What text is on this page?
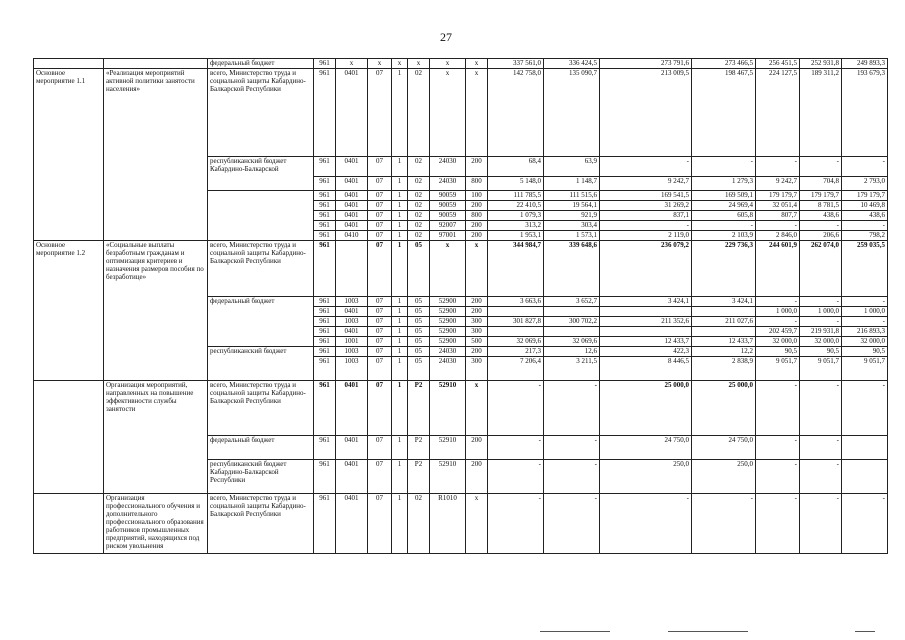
27
		федеральный бюджет	961	x	x	x	x	x	x	337 561,0	336 424,5	273 791,6	273 466,5	256 451,5	252 931,8	249 893,3
Основное мероприятие 1.1	«Реализация мероприятий активной политики занятости населения»	всего, Министерство труда и социальной защиты Кабардино-Балкарской Республики	961	0401	07	1	02	x	x	142 758,0	135 090,7	213 009,5	198 467,5	224 127,5	189 311,2	193 679,3
		республиканский бюджет Кабардино-Балкарской	961	0401	07	1	02	24030	200	68,4	63,9	-	-	-	-	-
			961	0401	07	1	02	24030	800	5 148,0	1 148,7	9 242,7	1 279,3	9 242,7	704,8	2 793,0
			961	0401	07	1	02	90059	100	111 785,5	111 515,6	169 541,5	169 509,1	179 179,7	179 179,7	179 179,7
			961	0401	07	1	02	90059	200	22 410,5	19 564,1	31 269,2	24 969,4	32 051,4	8 781,5	10 469,8
			961	0401	07	1	02	90059	800	1 079,3	921,9	837,1	605,8	807,7	438,6	438,6
			961	0401	07	1	02	92007	200	313,2	303,4	-	-	-	-	-
			961	0410	07	1	02	97001	200	1 953,1	1 573,1	2 119,0	2 103,9	2 846,0	206,6	798,2
Основное мероприятие 1.2	«Социальные выплаты безработным гражданам и оптимизация критериев и назначения размеров пособия по безработице»	всего, Министерство труда и социальной защиты Кабардино-Балкарской Республики	961		07	1	05	x	x	344 984,7	339 648,6	236 079,2	229 736,3	244 601,9	262 074,0	259 035,5
		федеральный бюджет	961	1003	07	1	05	52900	200	3 663,6	3 652,7	3 424,1	3 424,1	-	-	-
			961	0401	07	1	05	52900	200					1 000,0	1 000,0	1 000,0
			961	1003	07	1	05	52900	300	301 827,8	300 702,2	211 352,6	211 027,6	-	-	-
			961	0401	07	1	05	52900	300					202 459,7	219 931,8	216 893,3
			961	1001	07	1	05	52900	500	32 069,6	32 069,6	12 433,7	12 433,7	32 000,0	32 000,0	32 000,0
		республиканский бюджет	961	1003	07	1	05	24030	200	217,3	12,6	422,3	12,2	90,5	90,5	90,5
			961	1003	07	1	05	24030	300	7 206,4	3 211,5	8 446,5	2 838,9	9 051,7	9 051,7	9 051,7
	Организация мероприятий, направленных на повышение эффективности службы занятости	всего, Министерство труда и социальной защиты Кабардино-Балкарской Республики	961	0401	07	1	P2	52910	x	-	-	25 000,0	25 000,0	-	-	-
		федеральный бюджет	961	0401	07	1	P2	52910	200	-	-	24 750,0	24 750,0	-	-	
		республиканский бюджет Кабардино-Балкарской Республики	961	0401	07	1	P2	52910	200	-	-	250,0	250,0	-	-	
	Организация профессионального обучения и дополнительного профессионального образования работников промышленных предприятий, находящихся под риском увольнения	всего, Министерство труда и социальной защиты Кабардино-Балкарской Республики	961	0401	07	1	02	R1010	x	-	-	-	-	-	-	-
